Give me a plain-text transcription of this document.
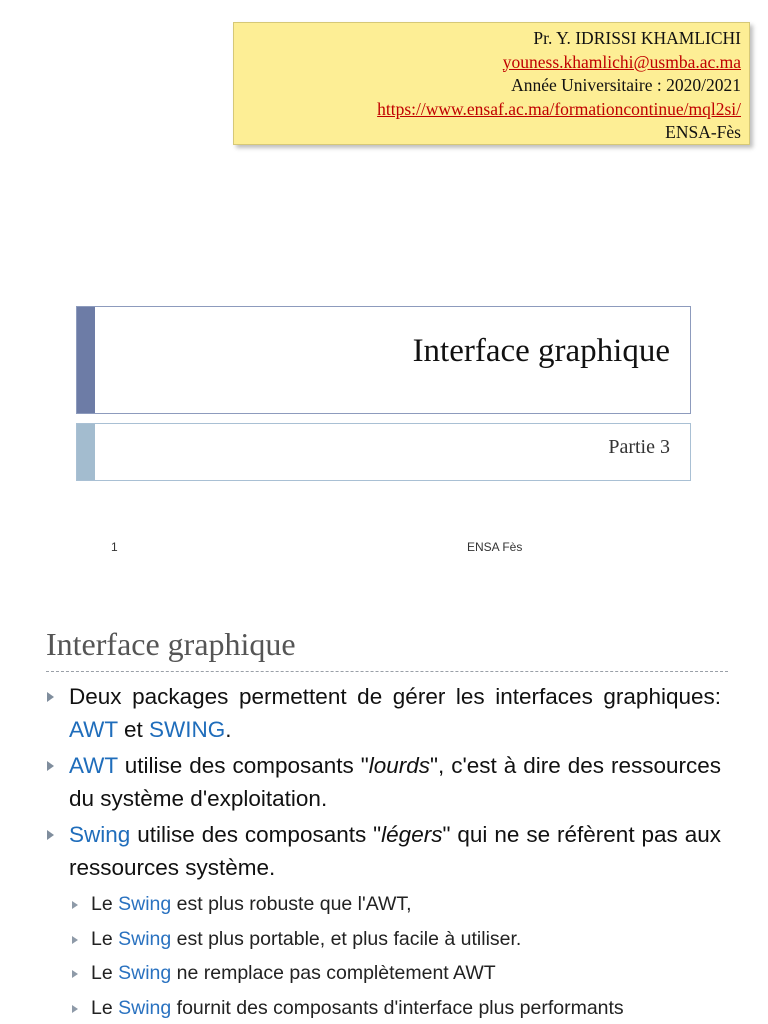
Pr. Y. IDRISSI KHAMLICHI
youness.khamlichi@usmba.ac.ma
Année Universitaire : 2020/2021
https://www.ensaf.ac.ma/formationcontinue/mql2si/
ENSA-Fès
Interface graphique
Partie 3
1	ENSA Fès
Interface graphique
Deux packages permettent de gérer les interfaces graphiques: AWT et SWING.
AWT utilise des composants "lourds", c'est à dire des ressources du système d'exploitation.
Swing utilise des composants "légers" qui ne se réfèrent pas aux ressources système.
Le Swing est plus robuste que l'AWT,
Le Swing est plus portable, et plus facile à utiliser.
Le Swing ne remplace pas complètement AWT
Le Swing fournit des composants d'interface plus performants
